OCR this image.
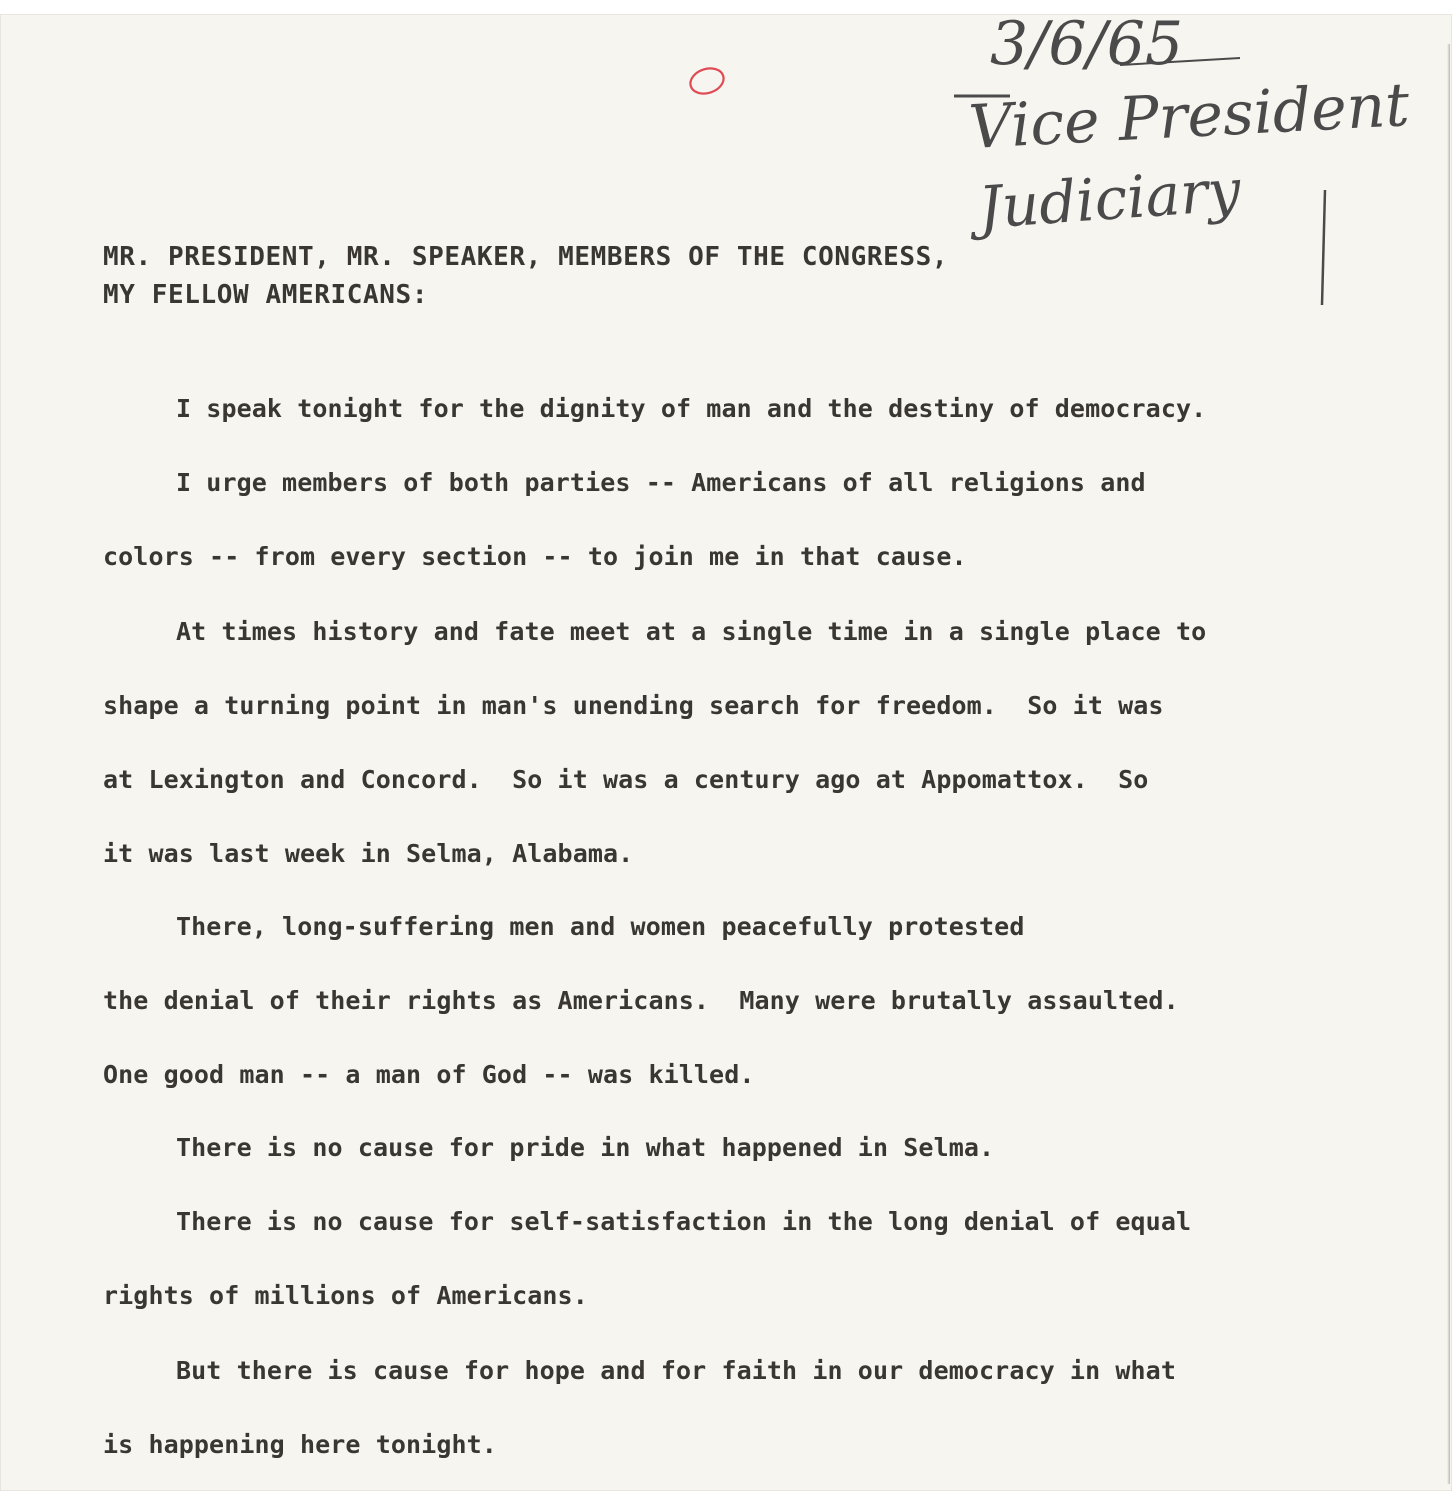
3/6/65
Vice President
Judiciary

MR. PRESIDENT, MR. SPEAKER, MEMBERS OF THE CONGRESS,

MY FELLOW AMERICANS:

I speak tonight for the dignity of man and the destiny of democracy.

I urge members of both parties -- Americans of all religions and

colors -- from every section -- to join me in that cause.

At times history and fate meet at a single time in a single place to

shape a turning point in man's unending search for freedom.  So it was

at Lexington and Concord.  So it was a century ago at Appomattox.  So

it was last week in Selma, Alabama.

There, long-suffering men and women peacefully protested

the denial of their rights as Americans.  Many were brutally assaulted.

One good man -- a man of God -- was killed.

There is no cause for pride in what happened in Selma.

There is no cause for self-satisfaction in the long denial of equal

rights of millions of Americans.

But there is cause for hope and for faith in our democracy in what

is happening here tonight.
